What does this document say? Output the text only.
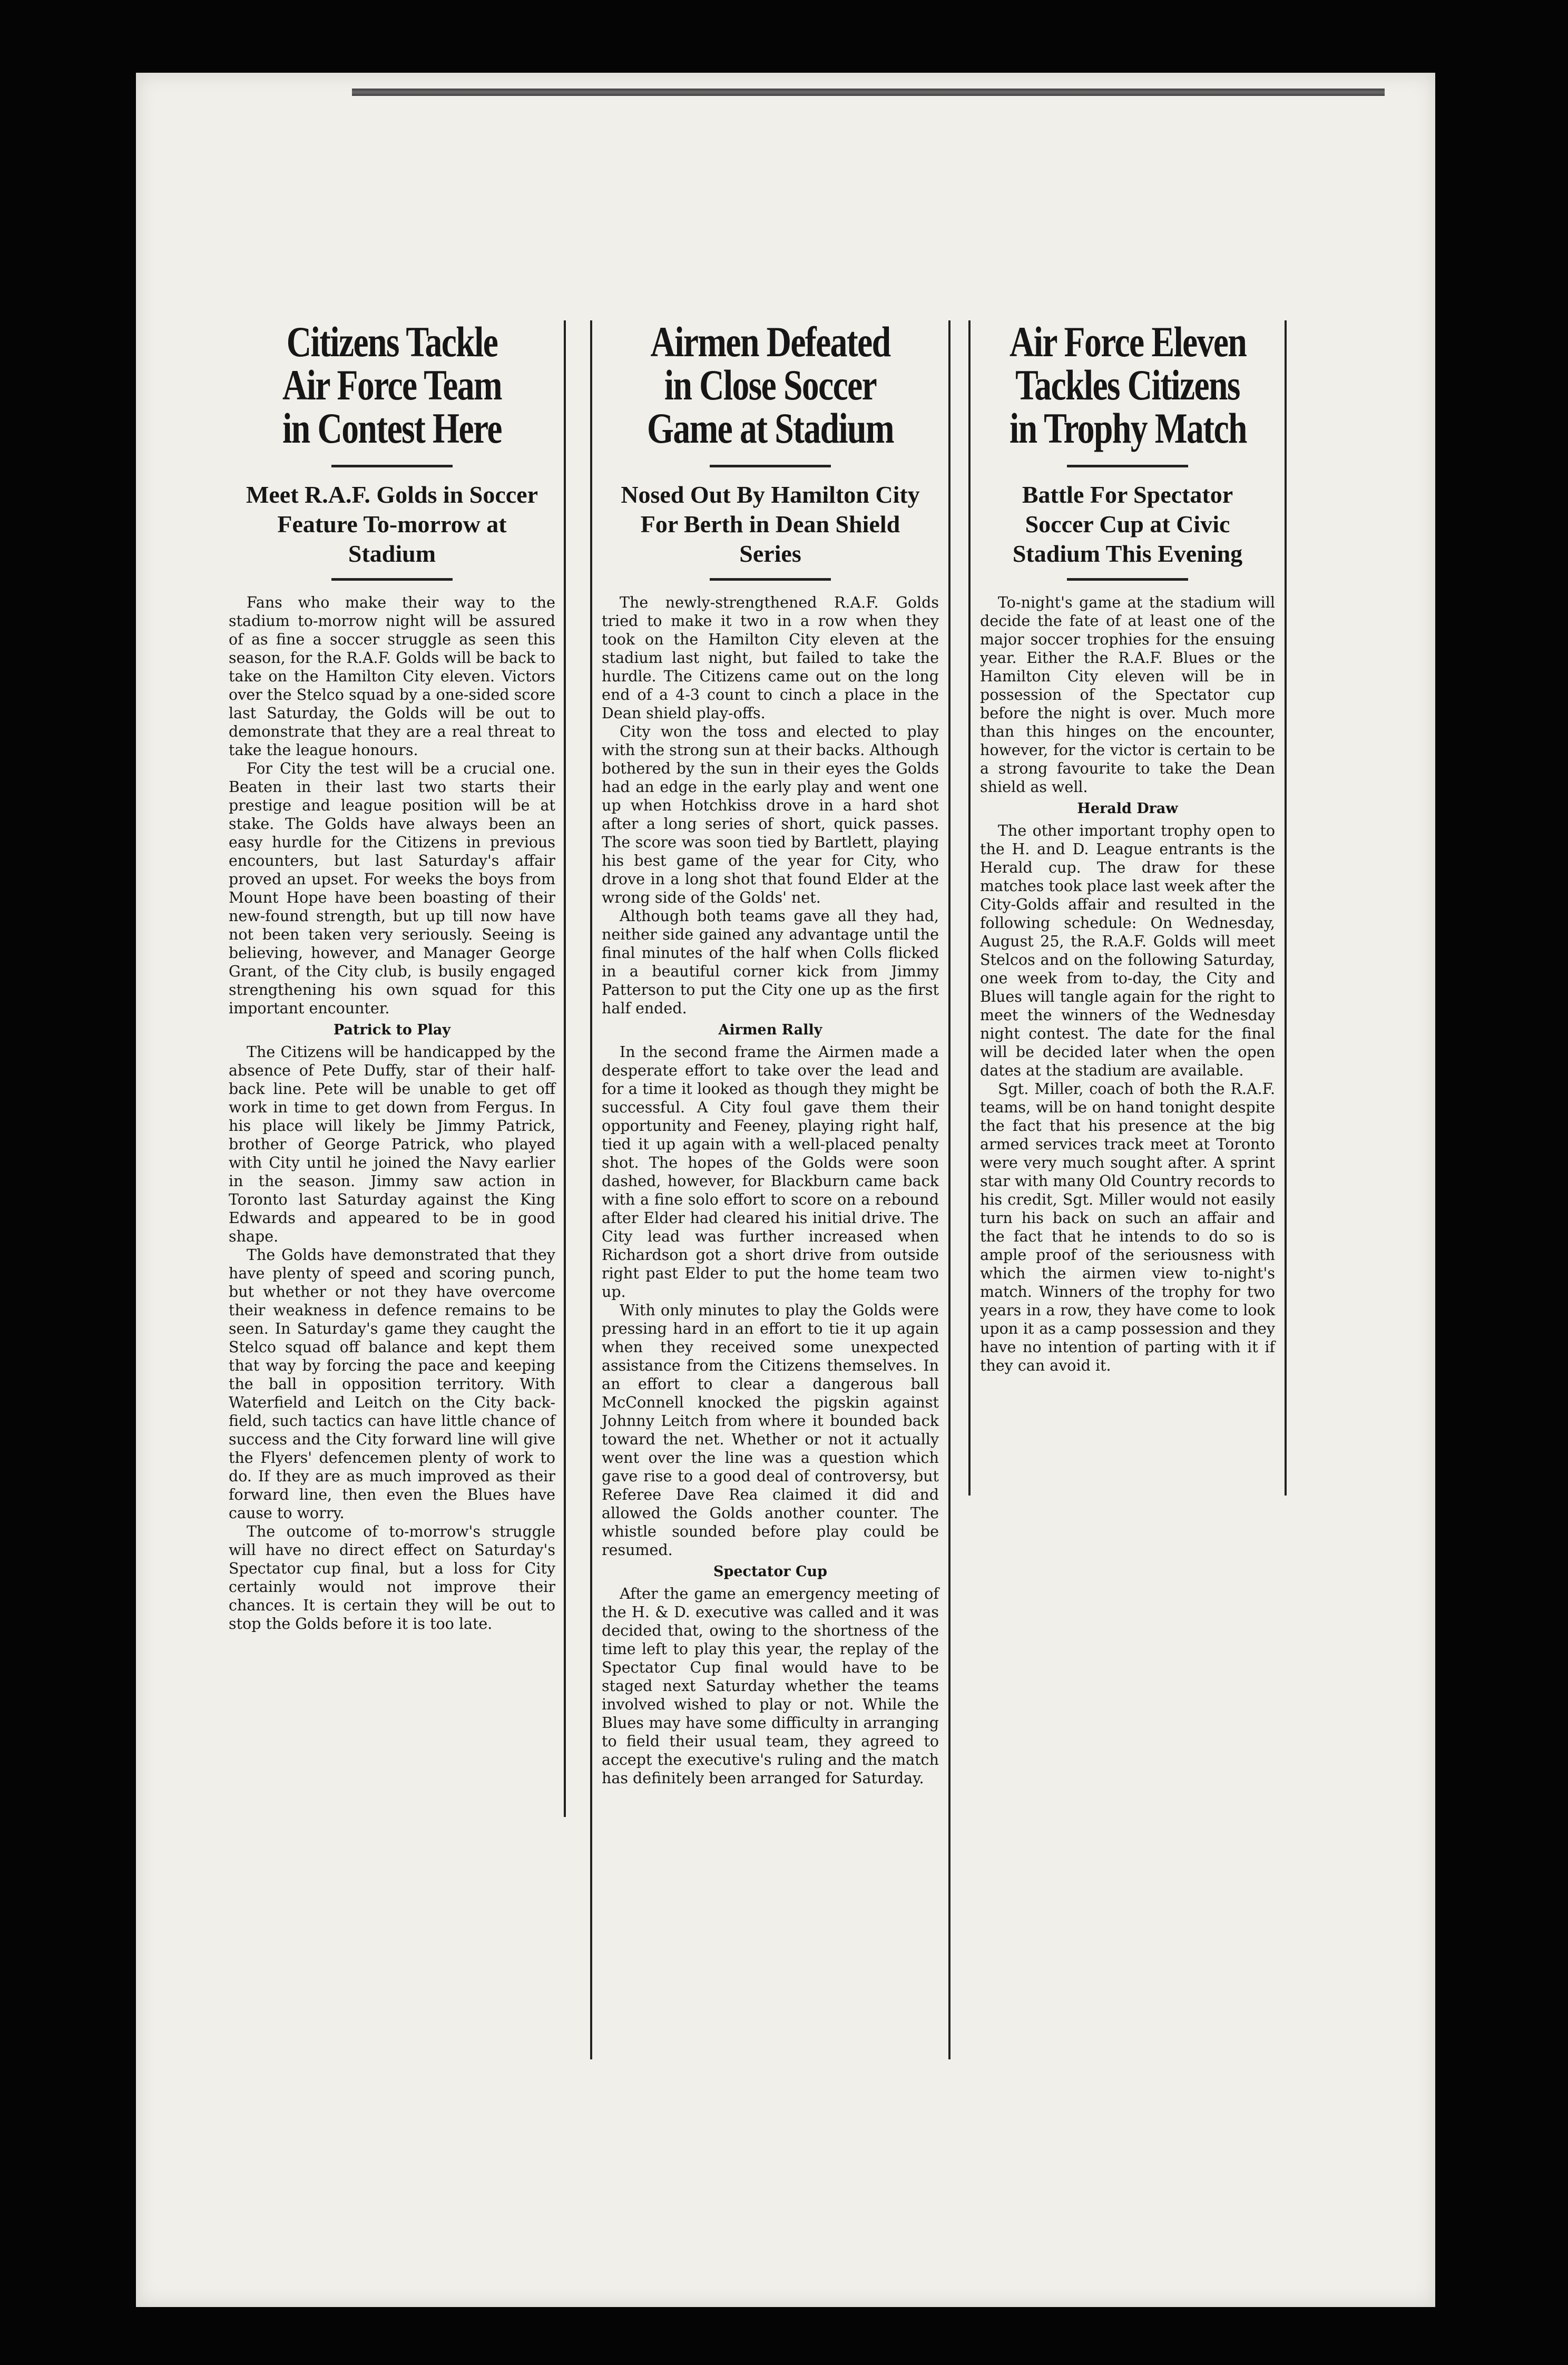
Citizens Tackle
Air Force Team
in Contest Here
Meet R.A.F. Golds in Soccer Feature To-morrow at Stadium

Fans who make their way to the stadium to-morrow night will be assured of as fine a soccer struggle as seen this season, for the R.A.F. Golds will be back to take on the Hamilton City eleven. Victors over the Stelco squad by a one-sided score last Saturday, the Golds will be out to demonstrate that they are a real threat to take the league honours.

For City the test will be a crucial one. Beaten in their last two starts their prestige and league position will be at stake. The Golds have always been an easy hurdle for the Citizens in previous encounters, but last Saturday's affair proved an upset. For weeks the boys from Mount Hope have been boasting of their new-found strength, but up till now have not been taken very seriously. Seeing is believing, however, and Manager George Grant, of the City club, is busily engaged strengthening his own squad for this important encounter.

Patrick to Play

The Citizens will be handicapped by the absence of Pete Duffy, star of their half-back line. Pete will be unable to get off work in time to get down from Fergus. In his place will likely be Jimmy Patrick, brother of George Patrick, who played with City until he joined the Navy earlier in the season. Jimmy saw action in Toronto last Saturday against the King Edwards and appeared to be in good shape.

The Golds have demonstrated that they have plenty of speed and scoring punch, but whether or not they have overcome their weakness in defence remains to be seen. In Saturday's game they caught the Stelco squad off balance and kept them that way by forcing the pace and keeping the ball in opposition territory. With Waterfield and Leitch on the City back-field, such tactics can have little chance of success and the City forward line will give the Flyers' defencemen plenty of work to do. If they are as much improved as their forward line, then even the Blues have cause to worry.

The outcome of to-morrow's struggle will have no direct effect on Saturday's Spectator cup final, but a loss for City certainly would not improve their chances. It is certain they will be out to stop the Golds before it is too late.

Airmen Defeated
in Close Soccer
Game at Stadium
Nosed Out By Hamilton City For Berth in Dean Shield Series

The newly-strengthened R.A.F. Golds tried to make it two in a row when they took on the Hamilton City eleven at the stadium last night, but failed to take the hurdle. The Citizens came out on the long end of a 4-3 count to cinch a place in the Dean shield play-offs.

City won the toss and elected to play with the strong sun at their backs. Although bothered by the sun in their eyes the Golds had an edge in the early play and went one up when Hotchkiss drove in a hard shot after a long series of short, quick passes. The score was soon tied by Bartlett, playing his best game of the year for City, who drove in a long shot that found Elder at the wrong side of the Golds' net.

Although both teams gave all they had, neither side gained any advantage until the final minutes of the half when Colls flicked in a beautiful corner kick from Jimmy Patterson to put the City one up as the first half ended.

Airmen Rally

In the second frame the Airmen made a desperate effort to take over the lead and for a time it looked as though they might be successful. A City foul gave them their opportunity and Feeney, playing right half, tied it up again with a well-placed penalty shot. The hopes of the Golds were soon dashed, however, for Blackburn came back with a fine solo effort to score on a rebound after Elder had cleared his initial drive. The City lead was further increased when Richardson got a short drive from outside right past Elder to put the home team two up.

With only minutes to play the Golds were pressing hard in an effort to tie it up again when they received some unexpected assistance from the Citizens themselves. In an effort to clear a dangerous ball McConnell knocked the pigskin against Johnny Leitch from where it bounded back toward the net. Whether or not it actually went over the line was a question which gave rise to a good deal of controversy, but Referee Dave Rea claimed it did and allowed the Golds another counter. The whistle sounded before play could be resumed.

Spectator Cup

After the game an emergency meeting of the H. & D. executive was called and it was decided that, owing to the shortness of the time left to play this year, the replay of the Spectator Cup final would have to be staged next Saturday whether the teams involved wished to play or not. While the Blues may have some difficulty in arranging to field their usual team, they agreed to accept the executive's ruling and the match has definitely been arranged for Saturday.

Air Force Eleven
Tackles Citizens
in Trophy Match
Battle For Spectator Soccer Cup at Civic Stadium This Evening

To-night's game at the stadium will decide the fate of at least one of the major soccer trophies for the ensuing year. Either the R.A.F. Blues or the Hamilton City eleven will be in possession of the Spectator cup before the night is over. Much more than this hinges on the encounter, however, for the victor is certain to be a strong favourite to take the Dean shield as well.

Herald Draw

The other important trophy open to the H. and D. League entrants is the Herald cup. The draw for these matches took place last week after the City-Golds affair and resulted in the following schedule: On Wednesday, August 25, the R.A.F. Golds will meet Stelcos and on the following Saturday, one week from to-day, the City and Blues will tangle again for the right to meet the winners of the Wednesday night contest. The date for the final will be decided later when the open dates at the stadium are available.

Sgt. Miller, coach of both the R.A.F. teams, will be on hand tonight despite the fact that his presence at the big armed services track meet at Toronto were very much sought after. A sprint star with many Old Country records to his credit, Sgt. Miller would not easily turn his back on such an affair and the fact that he intends to do so is ample proof of the seriousness with which the airmen view to-night's match. Winners of the trophy for two years in a row, they have come to look upon it as a camp possession and they have no intention of parting with it if they can avoid it.
